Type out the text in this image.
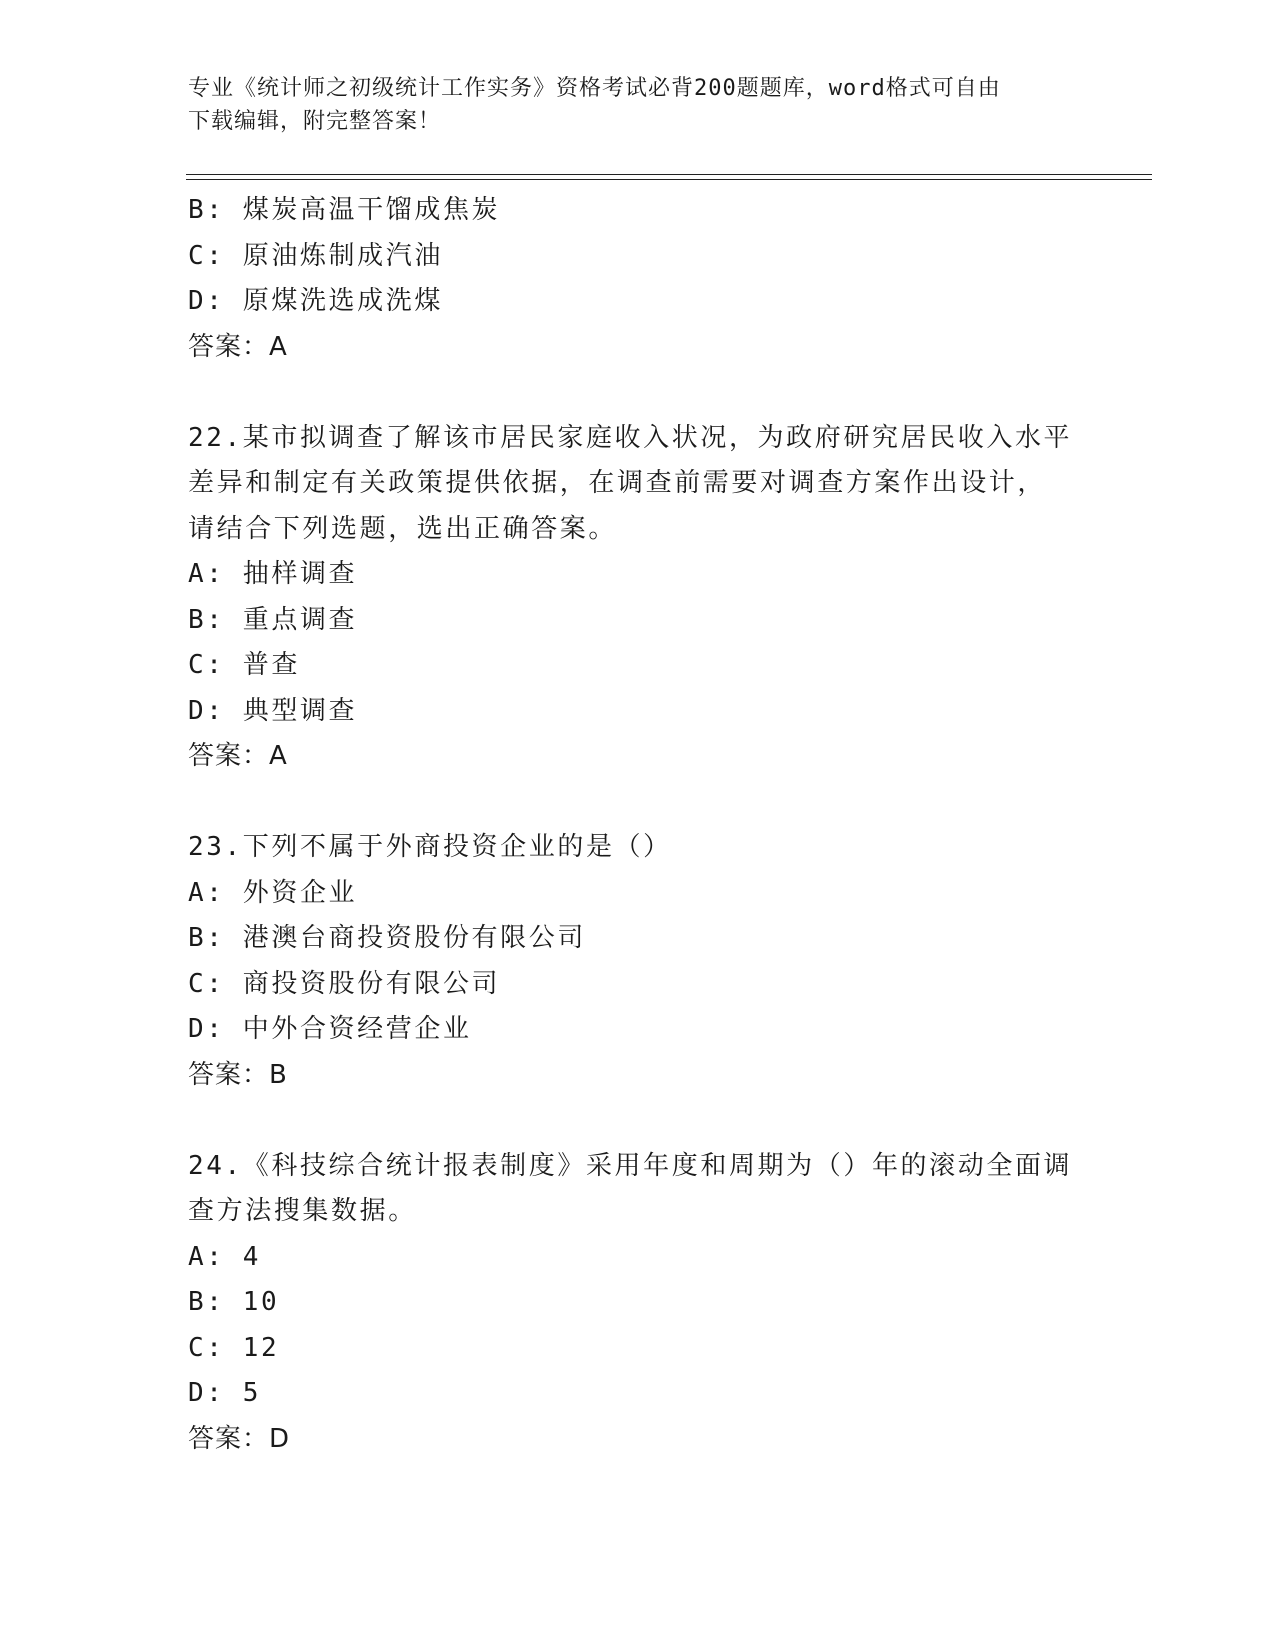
专业《统计师之初级统计工作实务》资格考试必背200题题库，word格式可自由
下载编辑，附完整答案！
B: 煤炭高温干馏成焦炭
C: 原油炼制成汽油
D: 原煤洗选成洗煤
答案：A
22.某市拟调查了解该市居民家庭收入状况，为政府研究居民收入水平
差异和制定有关政策提供依据，在调查前需要对调查方案作出设计，
请结合下列选题，选出正确答案。
A: 抽样调查
B: 重点调查
C: 普查
D: 典型调查
答案：A
23.下列不属于外商投资企业的是（）
A: 外资企业
B: 港澳台商投资股份有限公司
C: 商投资股份有限公司
D: 中外合资经营企业
答案：B
24.《科技综合统计报表制度》采用年度和周期为（）年的滚动全面调
查方法搜集数据。
A: 4
B: 10
C: 12
D: 5
答案：D
